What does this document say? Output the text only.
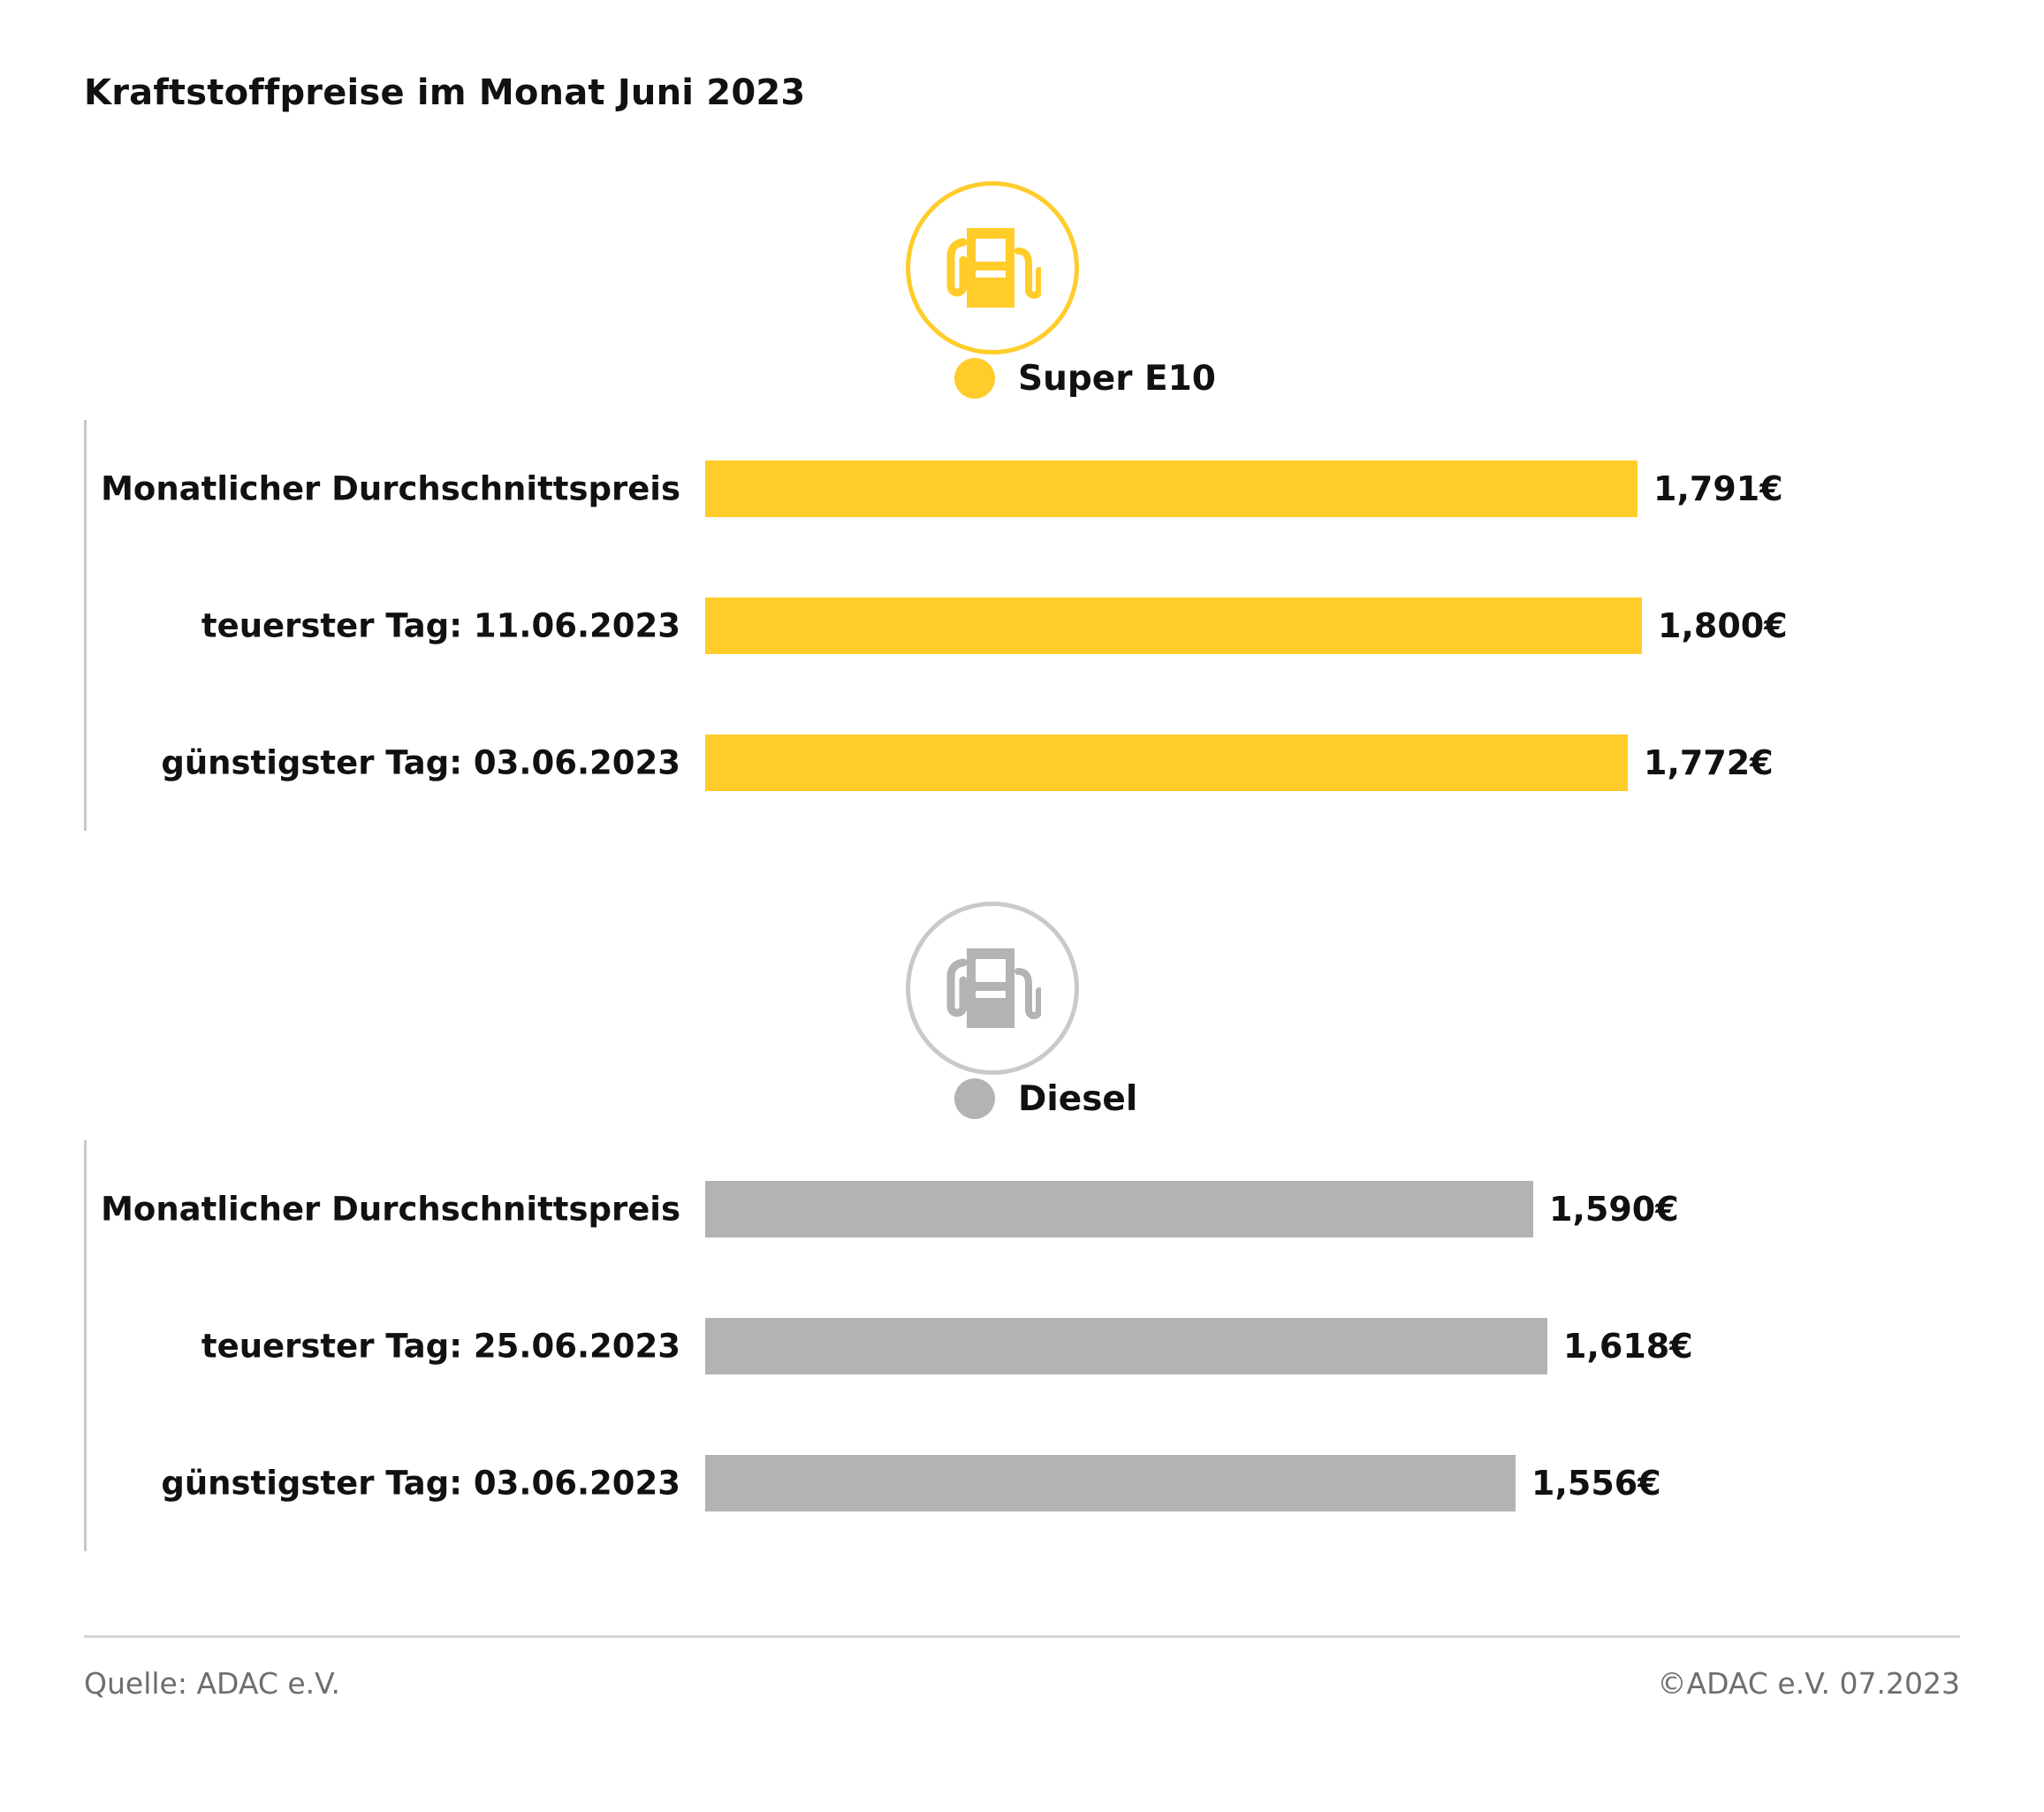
Kraftstoffpreise im Monat Juni 2023
Super E10
Monatlicher Durchschnittspreis	1,791€
teuerster Tag: 11.06.2023	1,800€
günstigster Tag: 03.06.2023	1,772€
Diesel
Monatlicher Durchschnittspreis	1,590€
teuerster Tag: 25.06.2023	1,618€
günstigster Tag: 03.06.2023	1,556€
Quelle: ADAC e.V.	©ADAC e.V. 07.2023
